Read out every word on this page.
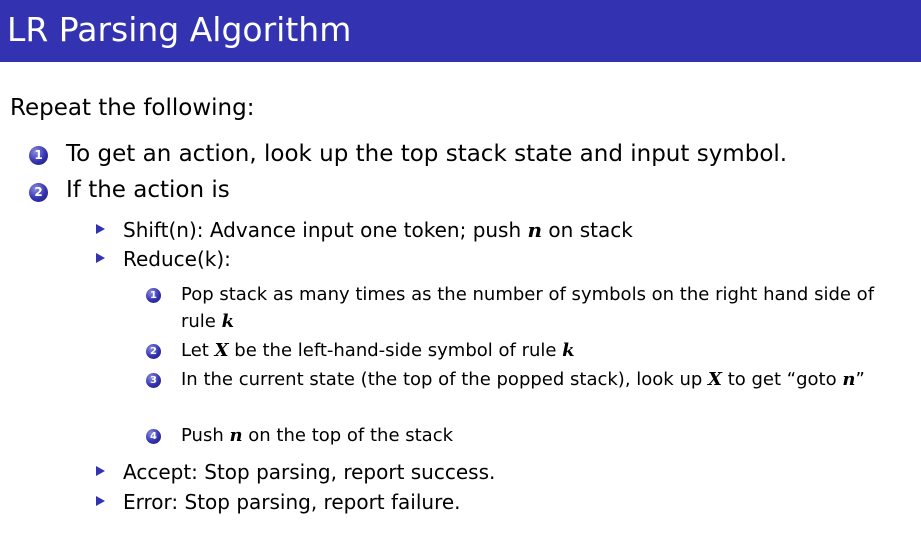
LR Parsing Algorithm
Repeat the following:
1 To get an action, look up the top stack state and input symbol.
2 If the action is
Shift(n): Advance input one token; push n on stack
Reduce(k):
1 Pop stack as many times as the number of symbols on the right hand side of rule k
2 Let X be the left-hand-side symbol of rule k
3 In the current state (the top of the popped stack), look up X to get “goto n”
4 Push n on the top of the stack
Accept: Stop parsing, report success.
Error: Stop parsing, report failure.
